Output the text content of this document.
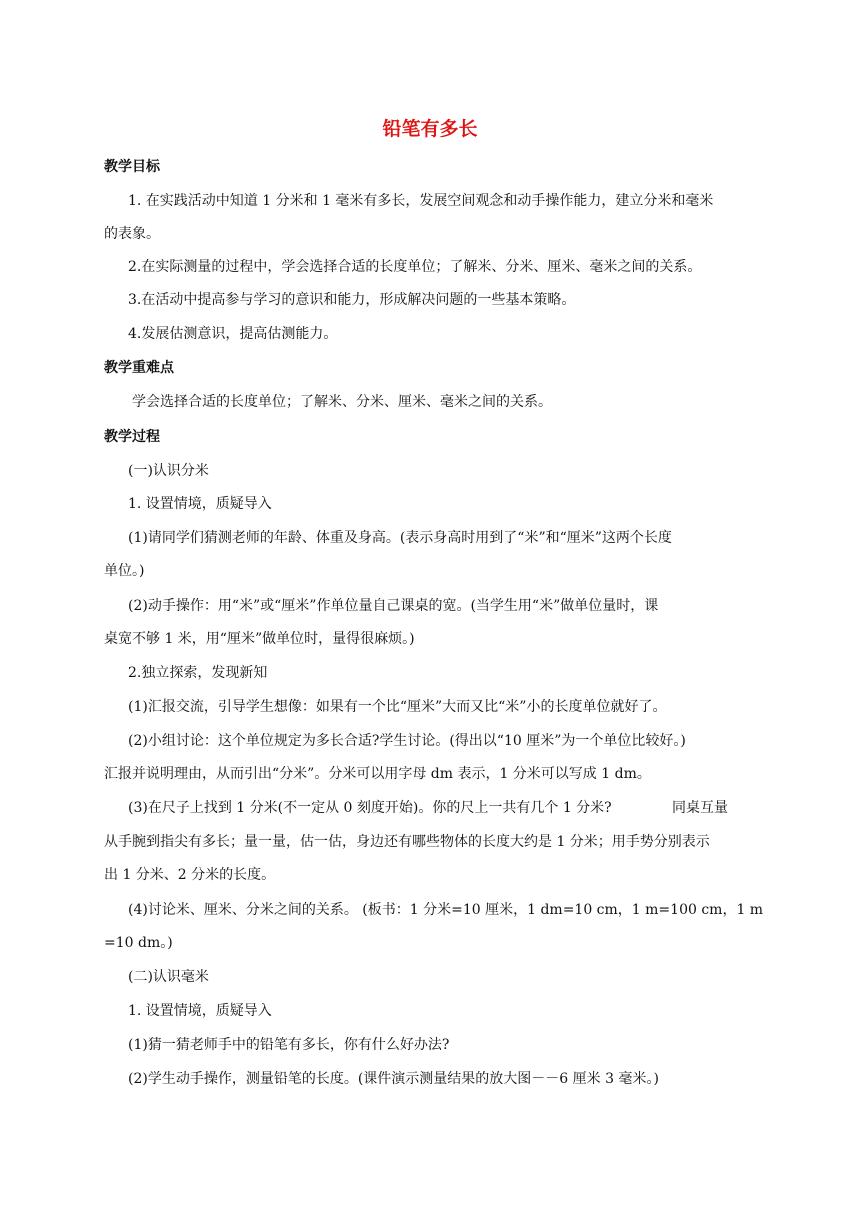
铅笔有多长
教学目标
1. 在实践活动中知道 1 分米和 1 毫米有多长，发展空间观念和动手操作能力，建立分米和毫米
的表象。
2.在实际测量的过程中，学会选择合适的长度单位；了解米、分米、厘米、毫米之间的关系。
3.在活动中提高参与学习的意识和能力，形成解决问题的一些基本策略。
4.发展估测意识，提高估测能力。
教学重难点
学会选择合适的长度单位；了解米、分米、厘米、毫米之间的关系。
教学过程
(一)认识分米
1. 设置情境，质疑导入
(1)请同学们猜测老师的年龄、体重及身高。(表示身高时用到了“米”和“厘米”这两个长度
单位。)
(2)动手操作：用“米”或“厘米”作单位量自己课桌的宽。(当学生用“米”做单位量时，课
桌宽不够 1 米，用“厘米”做单位时，量得很麻烦。)
2.独立探索，发现新知
(1)汇报交流，引导学生想像：如果有一个比“厘米”大而又比“米”小的长度单位就好了。
(2)小组讨论：这个单位规定为多长合适?学生讨论。(得出以“10 厘米”为一个单位比较好。)
汇报并说明理由，从而引出“分米”。分米可以用字母 dm 表示，1 分米可以写成 1 dm。
(3)在尺子上找到 1 分米(不一定从 0 刻度开始)。你的尺上一共有几个 1 分米?	同桌互量
从手腕到指尖有多长；量一量，估一估，身边还有哪些物体的长度大约是 1 分米；用手势分别表示
出 1 分米、2 分米的长度。
(4)讨论米、厘米、分米之间的关系。 (板书：1 分米=10 厘米，1 dm=10 cm，1 m=100 cm，1 m
=10 dm。)
(二)认识毫米
1. 设置情境，质疑导入
(1)猜一猜老师手中的铅笔有多长，你有什么好办法?
(2)学生动手操作，测量铅笔的长度。(课件演示测量结果的放大图－－6 厘米 3 毫米。)
